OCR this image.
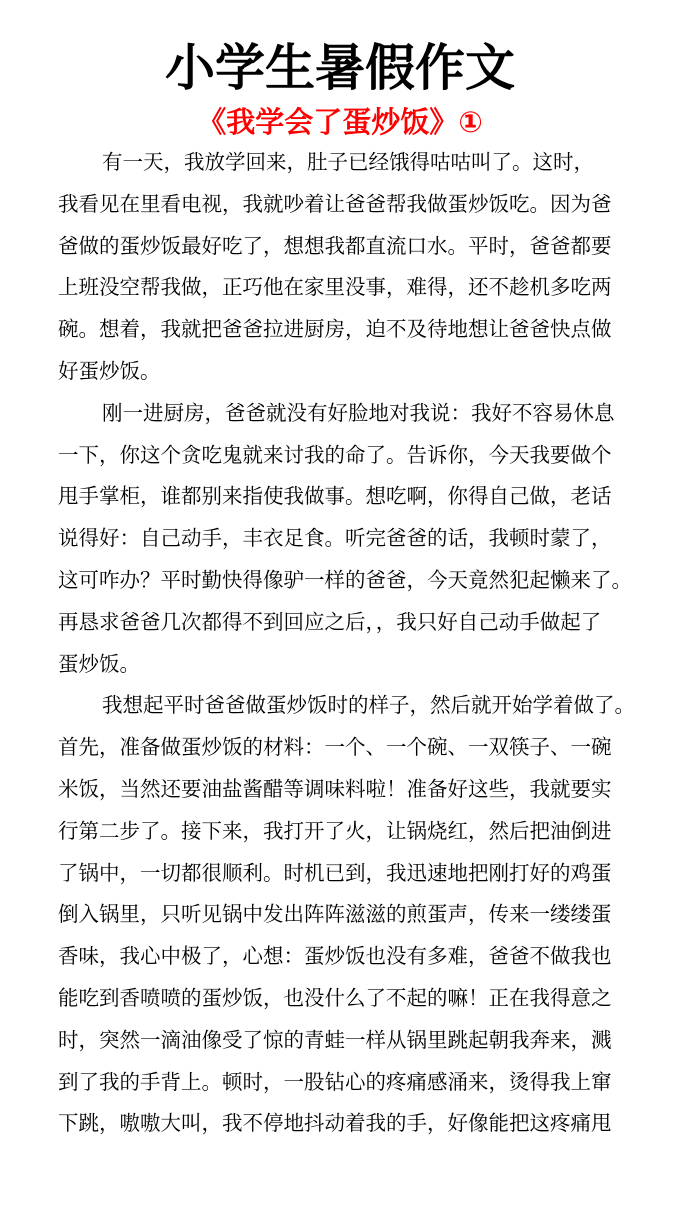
小学生暑假作文
《我学会了蛋炒饭》①
有一天，我放学回来，肚子已经饿得咕咕叫了。这时，
我看见在里看电视，我就吵着让爸爸帮我做蛋炒饭吃。因为爸
爸做的蛋炒饭最好吃了，想想我都直流口水。平时，爸爸都要
上班没空帮我做，正巧他在家里没事，难得，还不趁机多吃两
碗。想着，我就把爸爸拉进厨房，迫不及待地想让爸爸快点做
好蛋炒饭。
刚一进厨房，爸爸就没有好脸地对我说：我好不容易休息
一下，你这个贪吃鬼就来讨我的命了。告诉你，今天我要做个
甩手掌柜，谁都别来指使我做事。想吃啊，你得自己做，老话
说得好：自己动手，丰衣足食。听完爸爸的话，我顿时蒙了，
这可咋办？平时勤快得像驴一样的爸爸，今天竟然犯起懒来了。
再恳求爸爸几次都得不到回应之后，，我只好自己动手做起了
蛋炒饭。
我想起平时爸爸做蛋炒饭时的样子，然后就开始学着做了。
首先，准备做蛋炒饭的材料：一个、一个碗、一双筷子、一碗
米饭，当然还要油盐酱醋等调味料啦！准备好这些，我就要实
行第二步了。接下来，我打开了火，让锅烧红，然后把油倒进
了锅中，一切都很顺利。时机已到，我迅速地把刚打好的鸡蛋
倒入锅里，只听见锅中发出阵阵滋滋的煎蛋声，传来一缕缕蛋
香味，我心中极了，心想：蛋炒饭也没有多难，爸爸不做我也
能吃到香喷喷的蛋炒饭，也没什么了不起的嘛！正在我得意之
时，突然一滴油像受了惊的青蛙一样从锅里跳起朝我奔来，溅
到了我的手背上。顿时，一股钻心的疼痛感涌来，烫得我上窜
下跳，嗷嗷大叫，我不停地抖动着我的手，好像能把这疼痛甩
